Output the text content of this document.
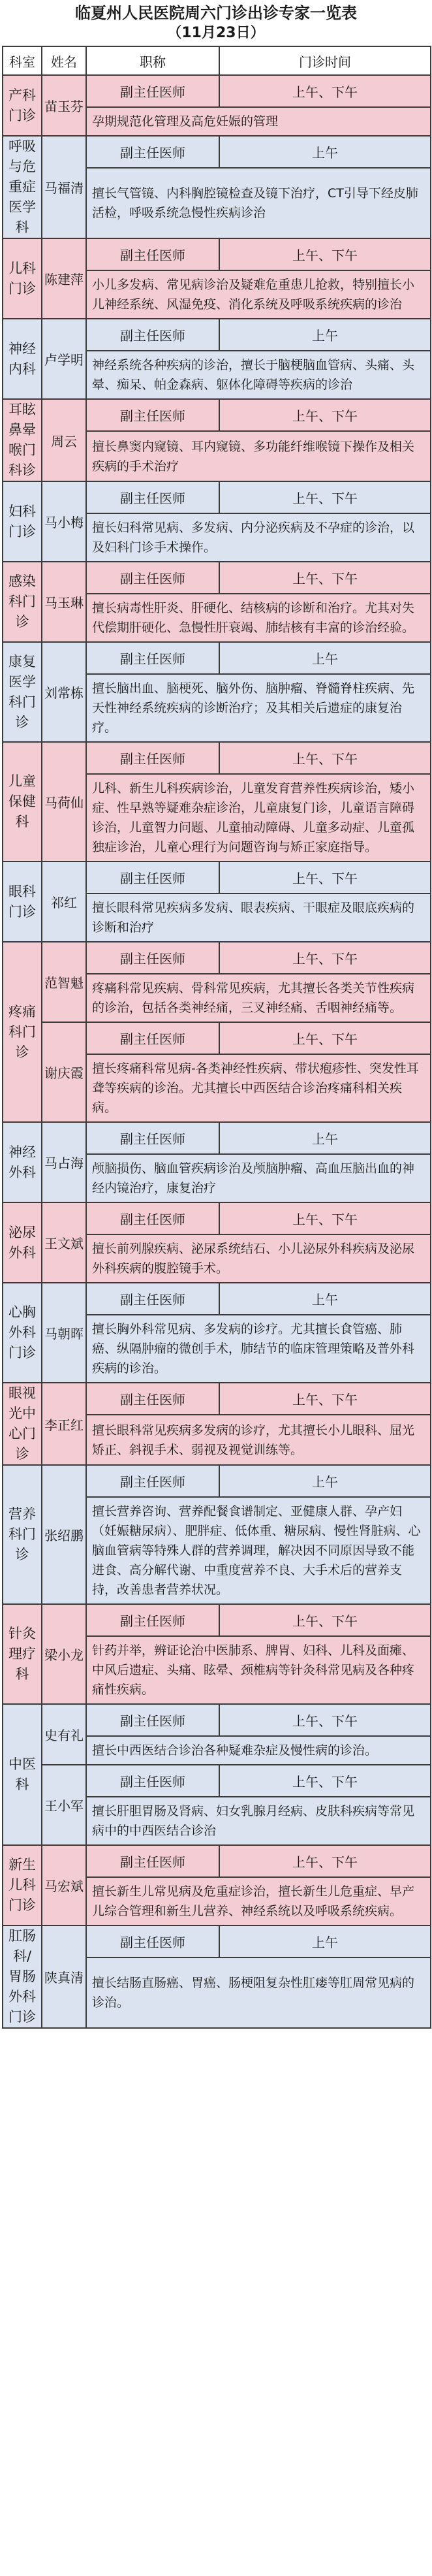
临夏州人民医院周六门诊出诊专家一览表
（11月23日）
科室	姓名	职称	门诊时间
产科门诊	苗玉芬	副主任医师	上午、下午
		孕期规范化管理及高危妊娠的管理	
呼吸与危重症医学科	马福清	副主任医师	上午
		擅长气管镜、内科胸腔镜检查及镜下治疗，CT引导下经皮肺活检，呼吸系统急慢性疾病诊治	
儿科门诊	陈建萍	副主任医师	上午、下午
		小儿多发病、常见病诊治及疑难危重患儿抢救，特别擅长小儿神经系统、风湿免疫、消化系统及呼吸系统疾病的诊治	
神经内科	卢学明	副主任医师	上午
		神经系统各种疾病的诊治，擅长于脑梗脑血管病、头痛、头晕、痴呆、帕金森病、躯体化障碍等疾病的诊治	
耳眩鼻晕喉门科诊	周云	副主任医师	上午、下午
		擅长鼻窦内窥镜、耳内窥镜、多功能纤维喉镜下操作及相关疾病的手术治疗	
妇科门诊	马小梅	副主任医师	上午、下午
		擅长妇科常见病、多发病、内分泌疾病及不孕症的诊治，以及妇科门诊手术操作。	
感染科门诊	马玉琳	副主任医师	上午、下午
		擅长病毒性肝炎、肝硬化、结核病的诊断和治疗。尤其对失代偿期肝硬化、急慢性肝衰竭、肺结核有丰富的诊治经验。	
康复医学科门诊	刘常栋	副主任医师	上午
		擅长脑出血、脑梗死、脑外伤、脑肿瘤、脊髓脊柱疾病、先天性神经系统疾病的诊断治疗；及其相关后遗症的康复治疗。	
儿童保健科	马荷仙	副主任医师	上午、下午
		儿科、新生儿科疾病诊治，儿童发育营养性疾病诊治，矮小症、性早熟等疑难杂症诊治，儿童康复门诊，儿童语言障碍诊治，儿童智力问题、儿童抽动障碍、儿童多动症、儿童孤独症诊治，儿童心理行为问题咨询与矫正家庭指导。	
眼科门诊	祁红	副主任医师	上午、下午
		擅长眼科常见疾病多发病、眼表疾病、干眼症及眼底疾病的诊断和治疗	
疼痛科门诊	范智魁	副主任医师	上午、下午
		疼痛科常见疾病、骨科常见疾病，尤其擅长各类关节性疾病的诊治，包括各类神经痛，三叉神经痛、舌咽神经痛等。	
	谢庆霞	副主任医师	上午、下午
		擅长疼痛科常见病-各类神经性疾病、带状疱疹性、突发性耳聋等疾病的诊治。尤其擅长中西医结合诊治疼痛科相关疾病。	
神经外科	马占海	副主任医师	上午
		颅脑损伤、脑血管疾病诊治及颅脑肿瘤、高血压脑出血的神经内镜治疗，康复治疗	
泌尿外科	王文斌	副主任医师	上午、下午
		擅长前列腺疾病、泌尿系统结石、小儿泌尿外科疾病及泌尿外科疾病的腹腔镜手术。	
心胸外科门诊	马朝晖	副主任医师	上午
		擅长胸外科常见病、多发病的诊疗。尤其擅长食管癌、肺癌、纵隔肿瘤的微创手术，肺结节的临床管理策略及普外科疾病的诊治。	
眼视光中心门诊	李正红	副主任医师	上午、下午
		擅长眼科常见疾病多发病的诊疗，尤其擅长小儿眼科、屈光矫正、斜视手术、弱视及视觉训练等。	
营养科门诊	张绍鹏	副主任医师	上午
		擅长营养咨询、营养配餐食谱制定、亚健康人群、孕产妇（妊娠糖尿病）、肥胖症、低体重、糖尿病、慢性肾脏病、心脑血管病等特殊人群的营养调理，解决因不同原因导致不能进食、高分解代谢、中重度营养不良、大手术后的营养支持，改善患者营养状况。	
针灸理疗科	梁小龙	副主任医师	上午、下午
		针药并举，辨证论治中医肺系、脾胃、妇科、儿科及面瘫、中风后遗症、头痛、眩晕、颈椎病等针灸科常见病及各种疼痛性疾病。	
中医科	史有礼	副主任医师	上午、下午
		擅长中西医结合诊治各种疑难杂症及慢性病的诊治。	
	王小军	副主任医师	上午、下午
		擅长肝胆胃肠及肾病、妇女乳腺月经病、皮肤科疾病等常见病中的中西医结合诊治	
新生儿科门诊	马宏斌	副主任医师	上午、下午
		擅长新生儿常见病及危重症诊治，擅长新生儿危重症、早产儿综合管理和新生儿营养、神经系统以及呼吸系统疾病。	
肛肠科/胃肠外科门诊	陕真清	副主任医师	上午
		擅长结肠直肠癌、胃癌、肠梗阻复杂性肛瘘等肛周常见病的诊治。	
